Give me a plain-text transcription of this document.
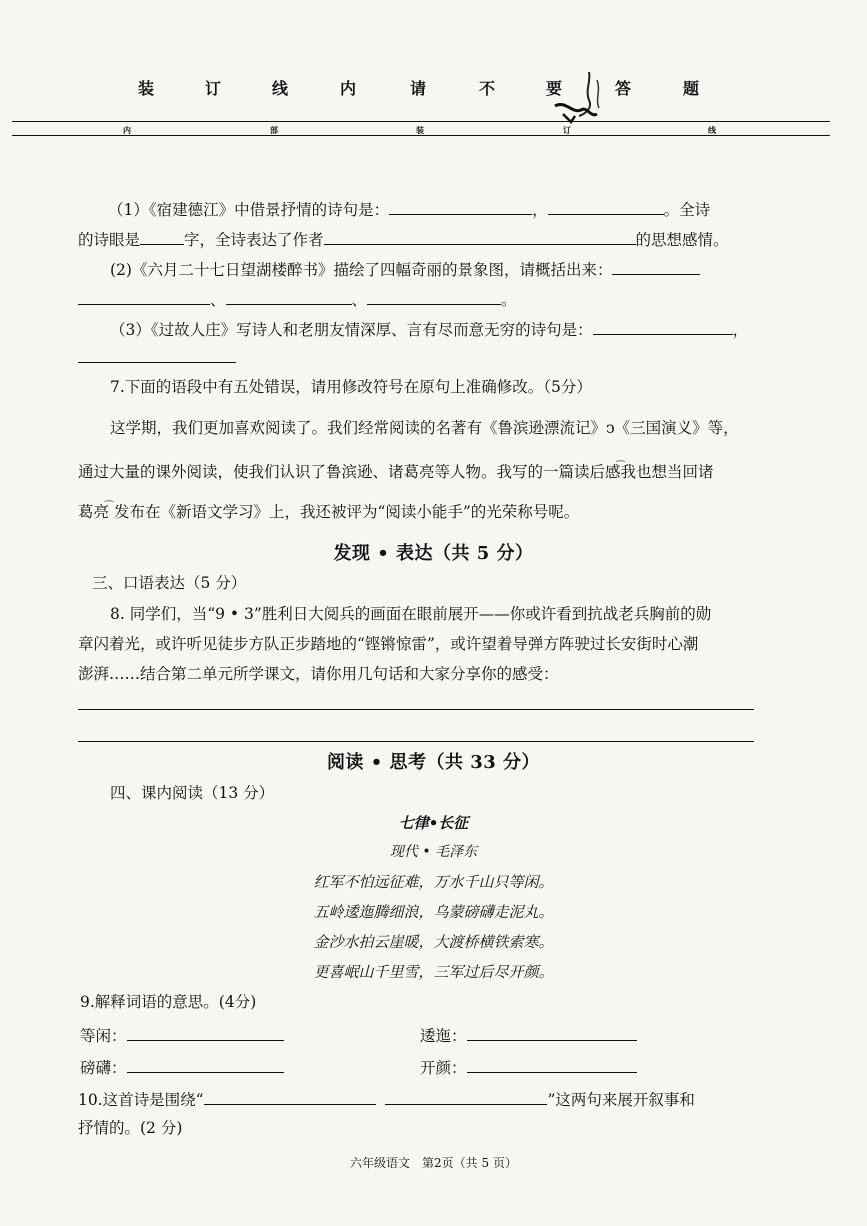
装	订	线	内	请	不	要	答	题
内	部	装	订	线
（1）《宿建德江》中借景抒情的诗句是：	，	。全诗
的诗眼是	字，全诗表达了作者	的思想感情。
(2)《六月二十七日望湖楼醉书》描绘了四幅奇丽的景象图，请概括出来：
、	、	。
（3）《过故人庄》写诗人和老朋友情深厚、言有尽而意无穷的诗句是：	，
7.下面的语段中有五处错误，请用修改符号在原句上准确修改。（5分）
这学期，我们更加喜欢阅读了。我们经常阅读的名著有《鲁滨逊漂流记》ↄ《三国演义》等，
通过大量的课外阅读，使我们认识了鲁滨逊、诸葛亮等人物。我写的一篇读后感我也想当回诸
葛亮 发布在《新语文学习》上，我还被评为“阅读小能手”的光荣称号呢。
发现 • 表达（共 5 分）
三、口语表达（5 分）
8. 同学们，当“9 • 3”胜利日大阅兵的画面在眼前展开——你或许看到抗战老兵胸前的勋
章闪着光，或许听见徒步方队正步踏地的“铿锵惊雷”，或许望着导弹方阵驶过长安街时心潮
澎湃……结合第二单元所学课文，请你用几句话和大家分享你的感受：
阅读 • 思考（共 33 分）
四、课内阅读（13 分）
七律•长征
现代 • 毛泽东
红军不怕远征难，万水千山只等闲。
五岭逶迤腾细浪，乌蒙磅礴走泥丸。
金沙水拍云崖暖，大渡桥横铁索寒。
更喜岷山千里雪，三军过后尽开颜。
9.解释词语的意思。(4分)
等闲：	逶迤：
磅礴：	开颜：
10.这首诗是围绕“	”这两句来展开叙事和
抒情的。(2 分)
六年级语文　第2页（共 5 页）
